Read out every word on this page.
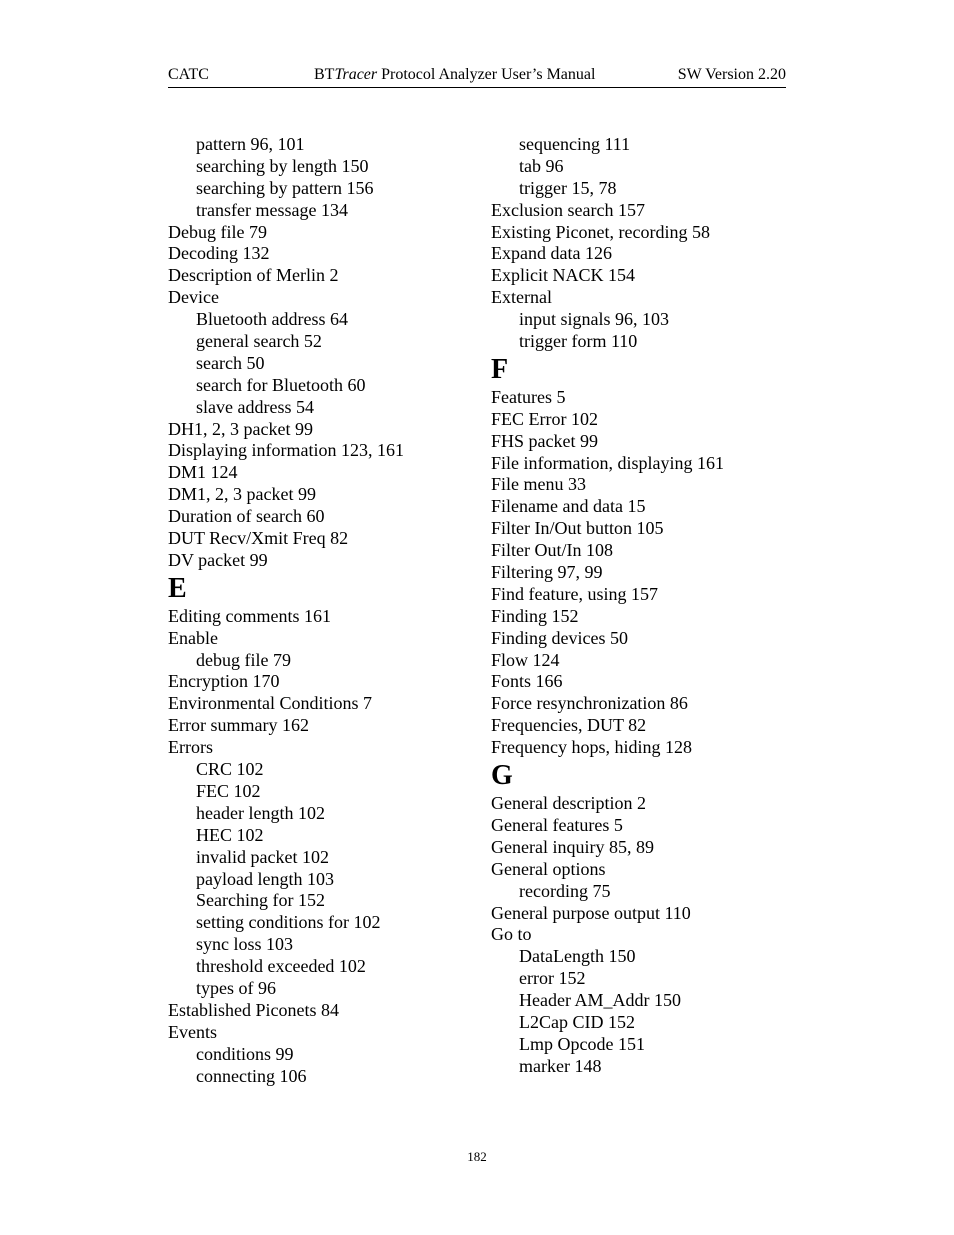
CATC	BTTracer Protocol Analyzer User’s Manual	SW Version 2.20
pattern 96, 101
searching by length 150
searching by pattern 156
transfer message 134
Debug file 79
Decoding 132
Description of Merlin 2
Device
Bluetooth address 64
general search 52
search 50
search for Bluetooth 60
slave address 54
DH1, 2, 3 packet 99
Displaying information 123, 161
DM1 124
DM1, 2, 3 packet 99
Duration of search 60
DUT Recv/Xmit Freq 82
DV packet 99
E
Editing comments 161
Enable
debug file 79
Encryption 170
Environmental Conditions 7
Error summary 162
Errors
CRC 102
FEC 102
header length 102
HEC 102
invalid packet 102
payload length 103
Searching for 152
setting conditions for 102
sync loss 103
threshold exceeded 102
types of 96
Established Piconets 84
Events
conditions 99
connecting 106
sequencing 111
tab 96
trigger 15, 78
Exclusion search 157
Existing Piconet, recording 58
Expand data 126
Explicit NACK 154
External
input signals 96, 103
trigger form 110
F
Features 5
FEC Error 102
FHS packet 99
File information, displaying 161
File menu 33
Filename and data 15
Filter In/Out button 105
Filter Out/In 108
Filtering 97, 99
Find feature, using 157
Finding 152
Finding devices 50
Flow 124
Fonts 166
Force resynchronization 86
Frequencies, DUT 82
Frequency hops, hiding 128
G
General description 2
General features 5
General inquiry 85, 89
General options
recording 75
General purpose output 110
Go to
DataLength 150
error 152
Header AM_Addr 150
L2Cap CID 152
Lmp Opcode 151
marker 148
182
